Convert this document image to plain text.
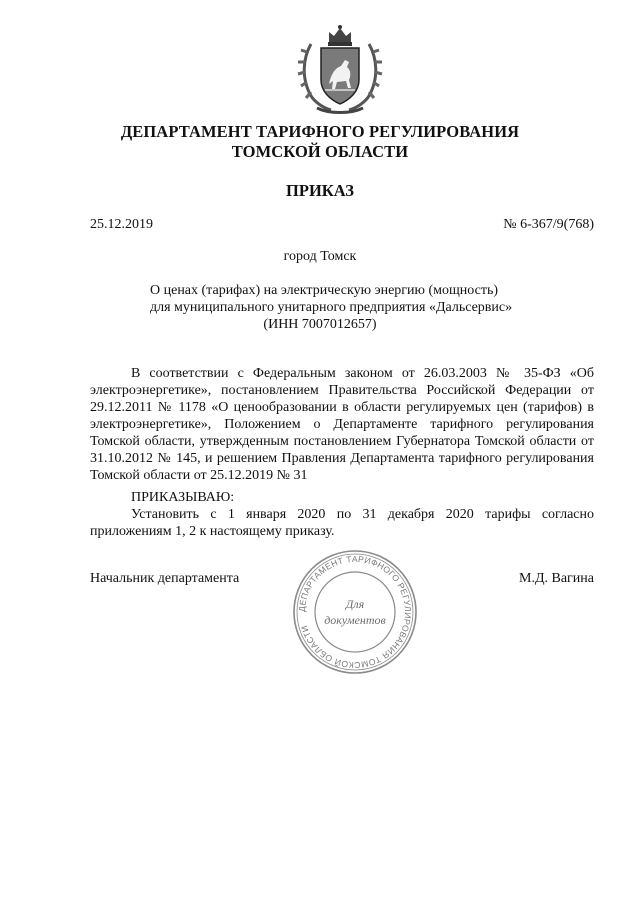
ДЕПАРТАМЕНТ ТАРИФНОГО РЕГУЛИРОВАНИЯ
ТОМСКОЙ ОБЛАСТИ
ПРИКАЗ
25.12.2019	№ 6-367/9(768)
город Томск
О ценах (тарифах) на электрическую энергию (мощность)
для муниципального унитарного предприятия «Дальсервис»
(ИНН 7007012657)
В соответствии с Федеральным законом от 26.03.2003 № 35-ФЗ «Об электроэнергетике», постановлением Правительства Российской Федерации от 29.12.2011 № 1178 «О ценообразовании в области регулируемых цен (тарифов) в электроэнергетике», Положением о Департаменте тарифного регулирования Томской области, утвержденным постановлением Губернатора Томской области от 31.10.2012 № 145, и решением Правления Департамента тарифного регулирования Томской области от 25.12.2019 № 31
ПРИКАЗЫВАЮ:
Установить с 1 января 2020 по 31 декабря 2020 тарифы согласно приложениям 1, 2 к настоящему приказу.
Начальник департамента	М.Д. Вагина
ДЕПАРТАМЕНТ ТАРИФНОГО РЕГУЛИРОВАНИЯ ТОМСКОЙ ОБЛАСТИ
Для
документов
